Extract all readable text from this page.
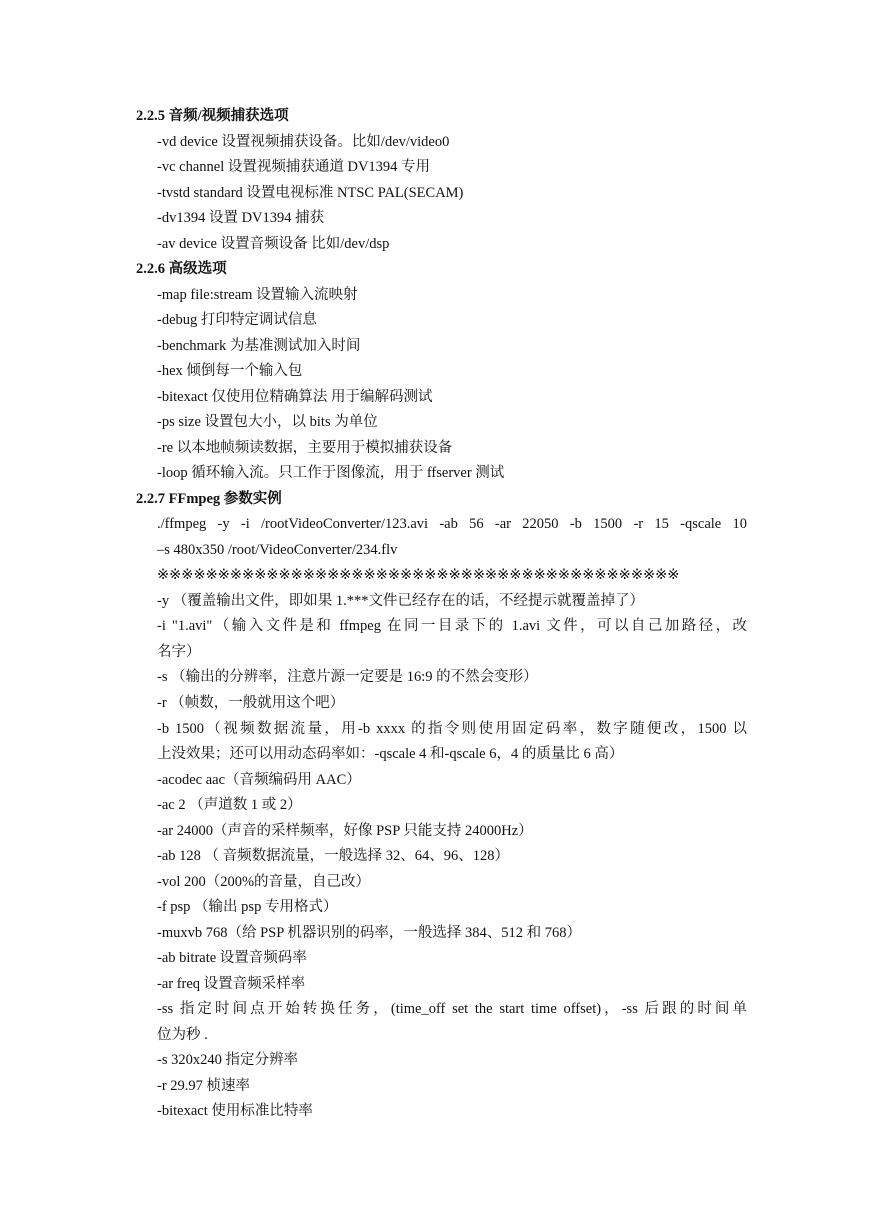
2.2.5 音频/视频捕获选项
-vd device 设置视频捕获设备。比如/dev/video0
-vc channel 设置视频捕获通道 DV1394 专用
-tvstd standard 设置电视标准 NTSC PAL(SECAM)
-dv1394 设置 DV1394 捕获
-av device 设置音频设备 比如/dev/dsp
2.2.6 高级选项
-map file:stream 设置输入流映射
-debug 打印特定调试信息
-benchmark 为基准测试加入时间
-hex 倾倒每一个输入包
-bitexact 仅使用位精确算法 用于编解码测试
-ps size 设置包大小，以 bits 为单位
-re 以本地帧频读数据，主要用于模拟捕获设备
-loop 循环输入流。只工作于图像流，用于 ffserver 测试
2.2.7 FFmpeg 参数实例
./ffmpeg -y -i /rootVideoConverter/123.avi -ab 56 -ar 22050 -b 1500 -r 15 -qscale 10
–s 480x350 /root/VideoConverter/234.flv
※※※※※※※※※※※※※※※※※※※※※※※※※※※※※※※※※※※※※※※※※※※
-y （覆盖输出文件，即如果 1.***文件已经存在的话，不经提示就覆盖掉了）
-i "1.avi"（输入文件是和 ffmpeg 在同一目录下的 1.avi 文件，可以自己加路径，改
名字）
-s （输出的分辨率，注意片源一定要是 16:9 的不然会变形）
-r （帧数，一般就用这个吧）
-b 1500（视频数据流量，用-b xxxx 的指令则使用固定码率，数字随便改，1500 以
上没效果；还可以用动态码率如：-qscale 4 和-qscale 6，4 的质量比 6 高）
-acodec aac（音频编码用 AAC）
-ac 2 （声道数 1 或 2）
-ar 24000（声音的采样频率，好像 PSP 只能支持 24000Hz）
-ab 128 （ 音频数据流量，一般选择 32、64、96、128）
-vol 200（200%的音量，自己改）
-f psp （输出 psp 专用格式）
-muxvb 768（给 PSP 机器识别的码率，一般选择 384、512 和 768）
-ab bitrate 设置音频码率
-ar freq 设置音频采样率
-ss 指定时间点开始转换任务，(time_off set the start time offset)，-ss 后跟的时间单
位为秒 .
-s 320x240 指定分辨率
-r 29.97 桢速率
-bitexact 使用标准比特率
